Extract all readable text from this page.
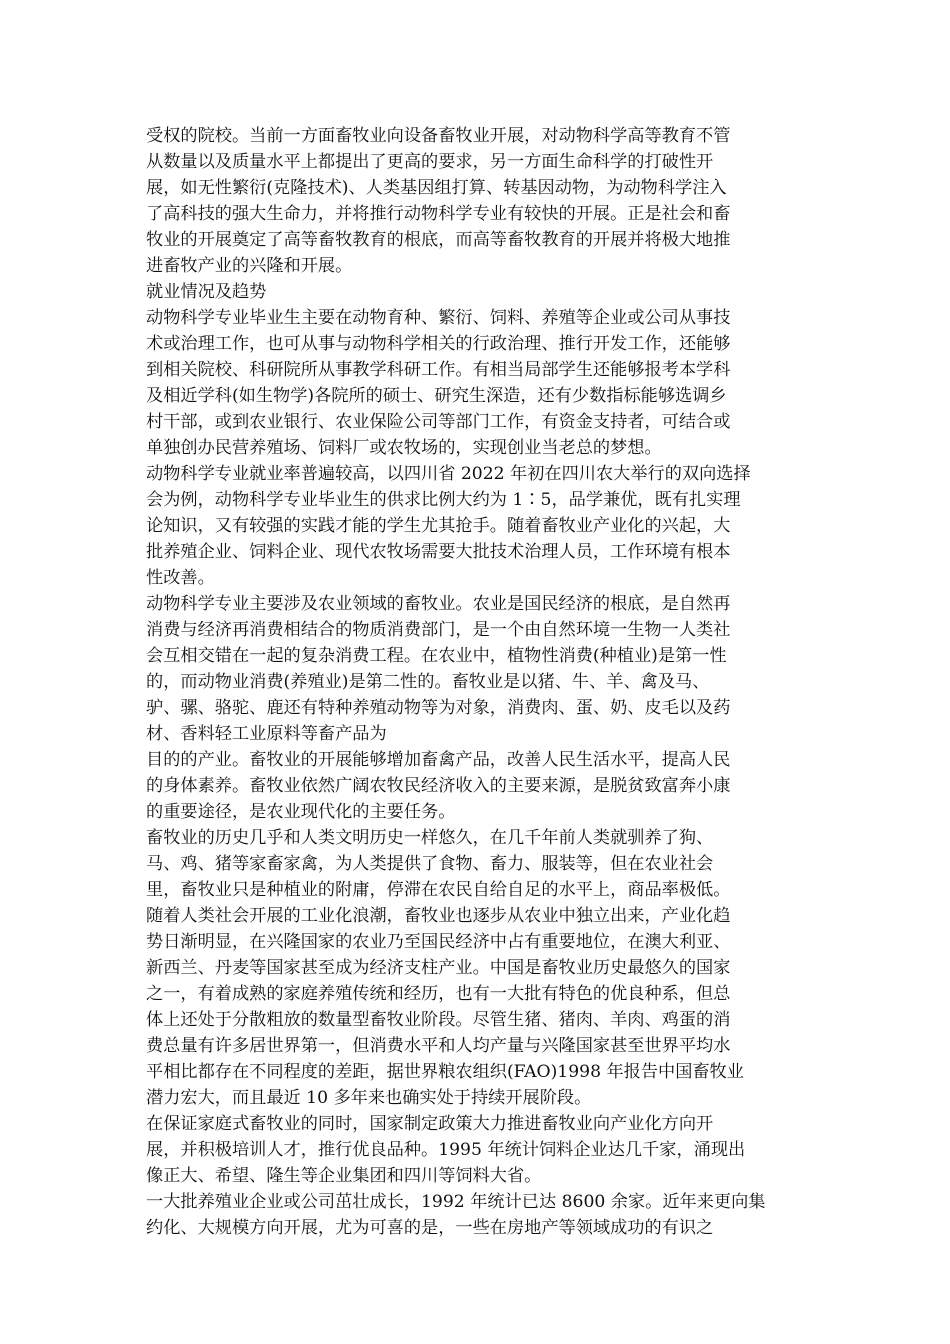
受权的院校。当前一方面畜牧业向设备畜牧业开展，对动物科学高等教育不管
从数量以及质量水平上都提出了更高的要求，另一方面生命科学的打破性开
展，如无性繁衍(克隆技术)、人类基因组打算、转基因动物，为动物科学注入
了高科技的强大生命力，并将推行动物科学专业有较快的开展。正是社会和畜
牧业的开展奠定了高等畜牧教育的根底，而高等畜牧教育的开展并将极大地推
进畜牧产业的兴隆和开展。
就业情况及趋势
动物科学专业毕业生主要在动物育种、繁衍、饲料、养殖等企业或公司从事技
术或治理工作，也可从事与动物科学相关的行政治理、推行开发工作，还能够
到相关院校、科研院所从事教学科研工作。有相当局部学生还能够报考本学科
及相近学科(如生物学)各院所的硕士、研究生深造，还有少数指标能够选调乡
村干部，或到农业银行、农业保险公司等部门工作，有资金支持者，可结合或
单独创办民营养殖场、饲料厂或农牧场的，实现创业当老总的梦想。
动物科学专业就业率普遍较高，以四川省 2022 年初在四川农大举行的双向选择
会为例，动物科学专业毕业生的供求比例大约为 1∶5，品学兼优，既有扎实理
论知识，又有较强的实践才能的学生尤其抢手。随着畜牧业产业化的兴起，大
批养殖企业、饲料企业、现代农牧场需要大批技术治理人员，工作环境有根本
性改善。
动物科学专业主要涉及农业领域的畜牧业。农业是国民经济的根底，是自然再
消费与经济再消费相结合的物质消费部门，是一个由自然环境一生物一人类社
会互相交错在一起的复杂消费工程。在农业中，植物性消费(种植业)是第一性
的，而动物业消费(养殖业)是第二性的。畜牧业是以猪、牛、羊、禽及马、
驴、骡、骆驼、鹿还有特种养殖动物等为对象，消费肉、蛋、奶、皮毛以及药
材、香料轻工业原料等畜产品为
目的的产业。畜牧业的开展能够增加畜禽产品，改善人民生活水平，提高人民
的身体素养。畜牧业依然广阔农牧民经济收入的主要来源，是脱贫致富奔小康
的重要途径，是农业现代化的主要任务。
畜牧业的历史几乎和人类文明历史一样悠久，在几千年前人类就驯养了狗、
马、鸡、猪等家畜家禽，为人类提供了食物、畜力、服装等，但在农业社会
里，畜牧业只是种植业的附庸，停滞在农民自给自足的水平上，商品率极低。
随着人类社会开展的工业化浪潮，畜牧业也逐步从农业中独立出来，产业化趋
势日渐明显，在兴隆国家的农业乃至国民经济中占有重要地位，在澳大利亚、
新西兰、丹麦等国家甚至成为经济支柱产业。中国是畜牧业历史最悠久的国家
之一，有着成熟的家庭养殖传统和经历，也有一大批有特色的优良种系，但总
体上还处于分散粗放的数量型畜牧业阶段。尽管生猪、猪肉、羊肉、鸡蛋的消
费总量有许多居世界第一，但消费水平和人均产量与兴隆国家甚至世界平均水
平相比都存在不同程度的差距，据世界粮农组织(FAO)1998 年报告中国畜牧业
潜力宏大，而且最近 10 多年来也确实处于持续开展阶段。
在保证家庭式畜牧业的同时，国家制定政策大力推进畜牧业向产业化方向开
展，并积极培训人才，推行优良品种。1995 年统计饲料企业达几千家，涌现出
像正大、希望、隆生等企业集团和四川等饲料大省。
一大批养殖业企业或公司茁壮成长，1992 年统计已达 8600 余家。近年来更向集
约化、大规模方向开展，尤为可喜的是，一些在房地产等领域成功的有识之
